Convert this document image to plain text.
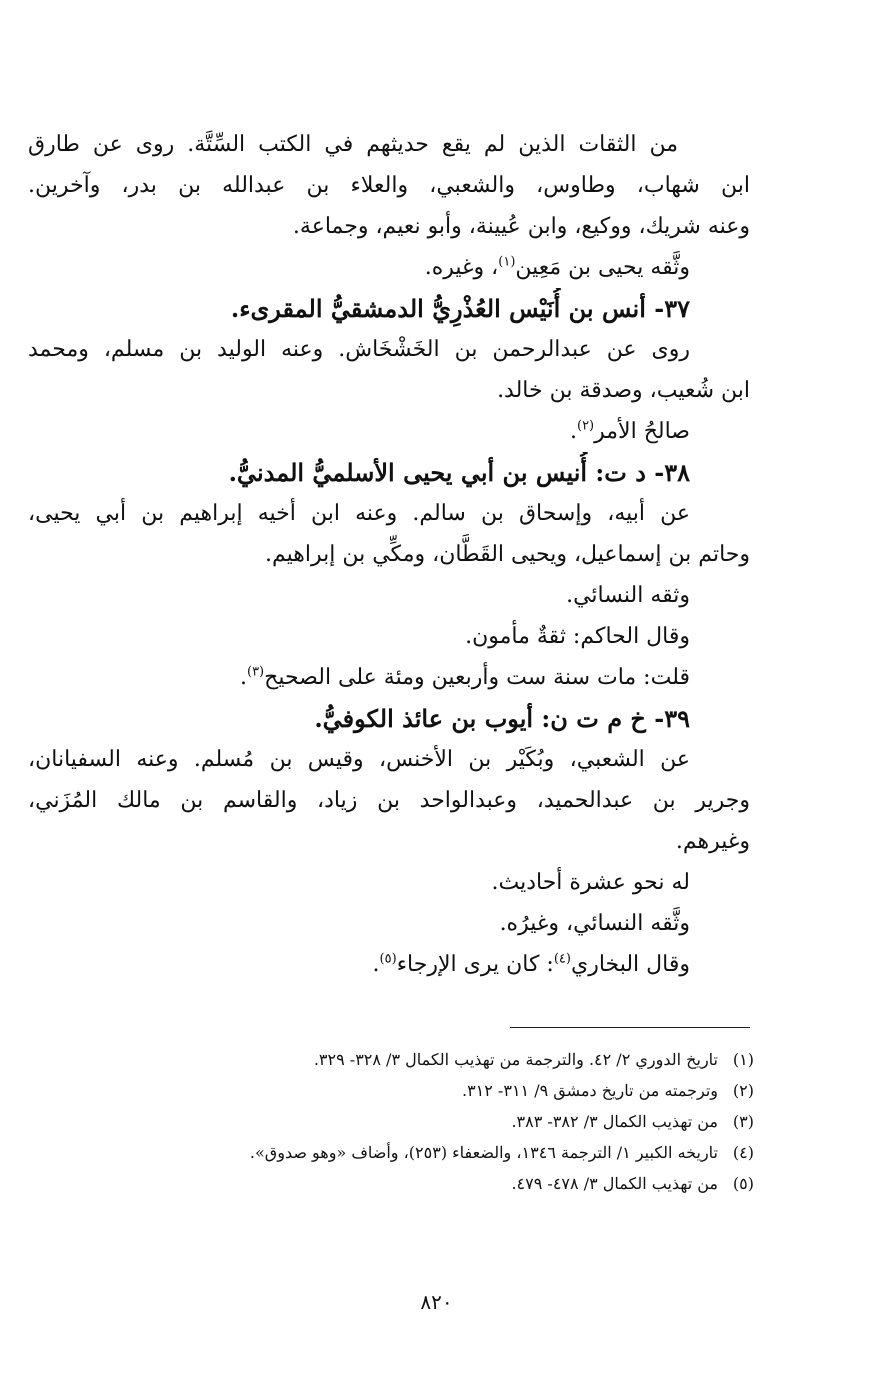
من الثقات الذين لم يقع حديثهم في الكتب السِّتَّة. روى عن طارق
ابن شهاب، وطاوس، والشعبي، والعلاء بن عبدالله بن بدر، وآخرين.
وعنه شريك، ووكيع، وابن عُيينة، وأبو نعيم، وجماعة.
وثَّقه يحيى بن مَعِين$^{(١)}$، وغيره.
٣٧- أنس بن أُنَيْس العُذْرِيُّ الدمشقيُّ المقرىء.
روى عن عبدالرحمن بن الخَشْخَاش. وعنه الوليد بن مسلم، ومحمد
ابن شُعيب، وصدقة بن خالد.
صالحُ الأمر$^{(٢)}$.
٣٨- د ت: أُنيس بن أبي يحيى الأسلميُّ المدنيُّ.
عن أبيه، وإسحاق بن سالم. وعنه ابن أخيه إبراهيم بن أبي يحيى،
وحاتم بن إسماعيل، ويحيى القَطَّان، ومكِّي بن إبراهيم.
وثقه النسائي.
وقال الحاكم: ثقةٌ مأمون.
قلت: مات سنة ست وأربعين ومئة على الصحيح$^{(٣)}$.
٣٩- خ م ت ن: أيوب بن عائذ الكوفيُّ.
عن الشعبي، وبُكَيْر بن الأخنس، وقيس بن مُسلم. وعنه السفيانان،
وجرير بن عبدالحميد، وعبدالواحد بن زياد، والقاسم بن مالك المُزَني،
وغيرهم.
له نحو عشرة أحاديث.
وثَّقه النسائي، وغيرُه.
وقال البخاري$^{(٤)}$: كان يرى الإرجاء$^{(٥)}$.
(١)تاريخ الدوري ٢/ ٤٢. والترجمة من تهذيب الكمال ٣/ ٣٢٨- ٣٢٩.
(٢)وترجمته من تاريخ دمشق ٩/ ٣١١- ٣١٢.
(٣)من تهذيب الكمال ٣/ ٣٨٢- ٣٨٣.
(٤)تاريخه الكبير ١/ الترجمة ١٣٤٦، والضعفاء (٢٥٣)، وأضاف «وهو صدوق».
(٥)من تهذيب الكمال ٣/ ٤٧٨- ٤٧٩.
٨٢٠
